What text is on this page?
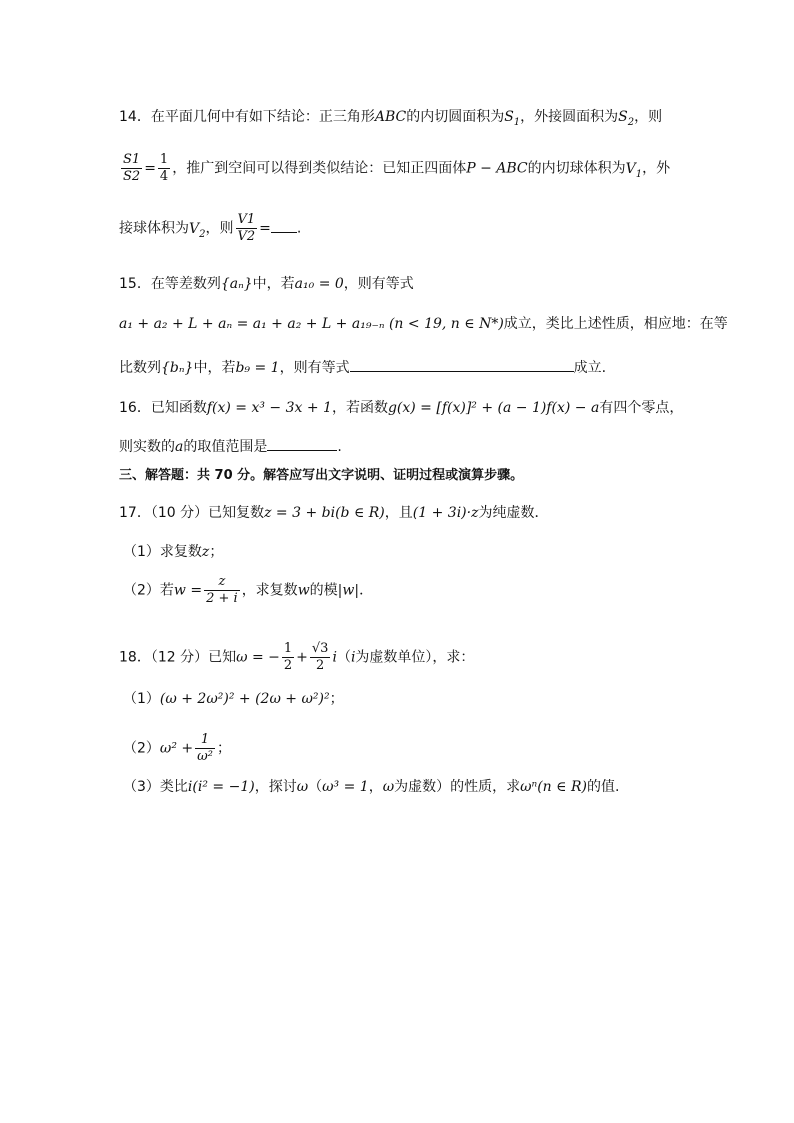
14．在平面几何中有如下结论：正三角形ABC的内切圆面积为$S_1$，外接圆面积为$S_2$，则
$\frac{S1}{S2} = \frac{1}{4}$ ，推广到空间可以得到类似结论：已知正四面体P − ABC的内切球体积为$V_1$，外
接球体积为$V_2$，则 $\frac{V1}{V2}$ = .
15．在等差数列{aₙ}中，若a₁₀ = 0，则有等式
a₁ + a₂ + L + aₙ = a₁ + a₂ + L + a₁₉₋ₙ (n < 19, n ∈ N*)成立，类比上述性质，相应地：在等
比数列{bₙ}中，若b₉ = 1，则有等式	成立.
16．已知函数f(x) = x³ − 3x + 1，若函数g(x) = [f(x)]² + (a − 1)f(x) − a有四个零点，
则实数的a的取值范围是	.
三、解答题：共 70 分。解答应写出文字说明、证明过程或演算步骤。
17．（10 分）已知复数z = 3 + bi(b ∈ R)，且(1 + 3i)·z为纯虚数．
（1）求复数z；
（2）若$w = \frac{z}{2 + i}$ ，求复数w的模|w|．
18．（12 分）已知ω = − $\frac{1}{2} + \frac{√3}{2} i(i$为虚数单位），求：
（1）(ω + 2ω²)² + (2ω + ω²)²；
$(2)\omega^2 + \frac{1}{\text{ω²}}$ ；
（3）类比i(i² = −1)，探讨ω（ω³ = 1，ω为虚数）的性质，求ωⁿ(n ∈ R)的值.
